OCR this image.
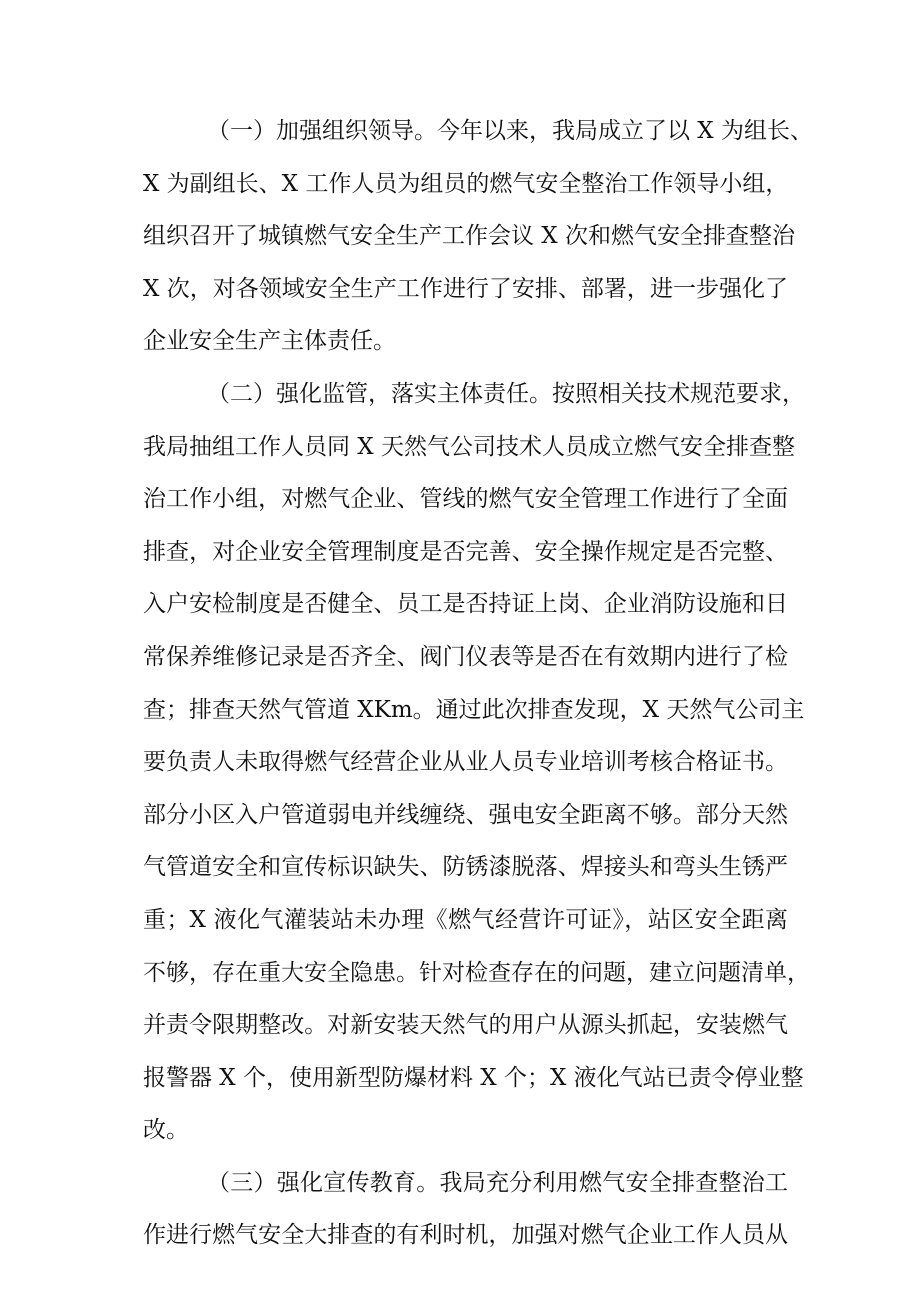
（一）加强组织领导。今年以来，我局成立了以 X 为组长、
X 为副组长、X 工作人员为组员的燃气安全整治工作领导小组，
组织召开了城镇燃气安全生产工作会议 X 次和燃气安全排查整治
X 次，对各领域安全生产工作进行了安排、部署，进一步强化了
企业安全生产主体责任。
（二）强化监管，落实主体责任。按照相关技术规范要求，
我局抽组工作人员同 X 天然气公司技术人员成立燃气安全排查整
治工作小组，对燃气企业、管线的燃气安全管理工作进行了全面
排查，对企业安全管理制度是否完善、安全操作规定是否完整、
入户安检制度是否健全、员工是否持证上岗、企业消防设施和日
常保养维修记录是否齐全、阀门仪表等是否在有效期内进行了检
查；排查天然气管道 XKm。通过此次排查发现，X 天然气公司主
要负责人未取得燃气经营企业从业人员专业培训考核合格证书。
部分小区入户管道弱电并线缠绕、强电安全距离不够。部分天然
气管道安全和宣传标识缺失、防锈漆脱落、焊接头和弯头生锈严
重；X 液化气灌装站未办理《燃气经营许可证》，站区安全距离
不够，存在重大安全隐患。针对检查存在的问题，建立问题清单，
并责令限期整改。对新安装天然气的用户从源头抓起，安装燃气
报警器 X 个，使用新型防爆材料 X 个；X 液化气站已责令停业整
改。
（三）强化宣传教育。我局充分利用燃气安全排查整治工
作进行燃气安全大排查的有利时机，加强对燃气企业工作人员从
